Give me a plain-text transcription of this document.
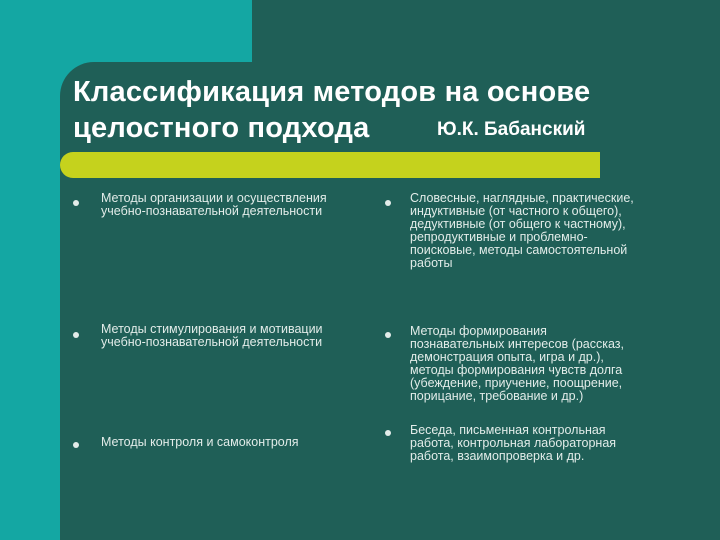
Классификация методов на основе
целостного подхода	Ю.К. Бабанский
Методы организации и осуществления
учебно-познавательной деятельности
Словесные, наглядные, практические,
индуктивные (от частного к общего),
дедуктивные (от общего к частному),
репродуктивные и проблемно-
поисковые, методы самостоятельной
работы
Методы стимулирования и мотивации
учебно-познавательной деятельности
Методы формирования
познавательных интересов (рассказ,
демонстрация опыта, игра и др.),
методы формирования чувств долга
(убеждение, приучение, поощрение,
порицание, требование и др.)
Методы контроля и самоконтроля
Беседа, письменная контрольная
работа, контрольная лабораторная
работа, взаимопроверка и др.
